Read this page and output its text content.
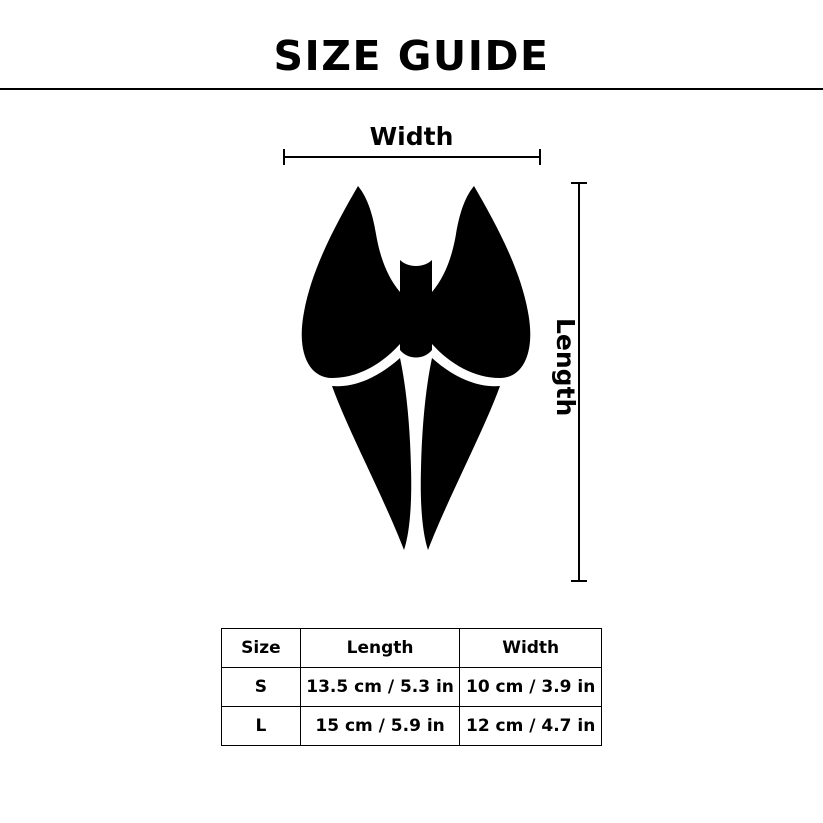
SIZE GUIDE
Width
Length
Size	Length	Width
S	13.5 cm / 5.3 in	10 cm / 3.9 in
L	15 cm / 5.9 in	12 cm / 4.7 in
